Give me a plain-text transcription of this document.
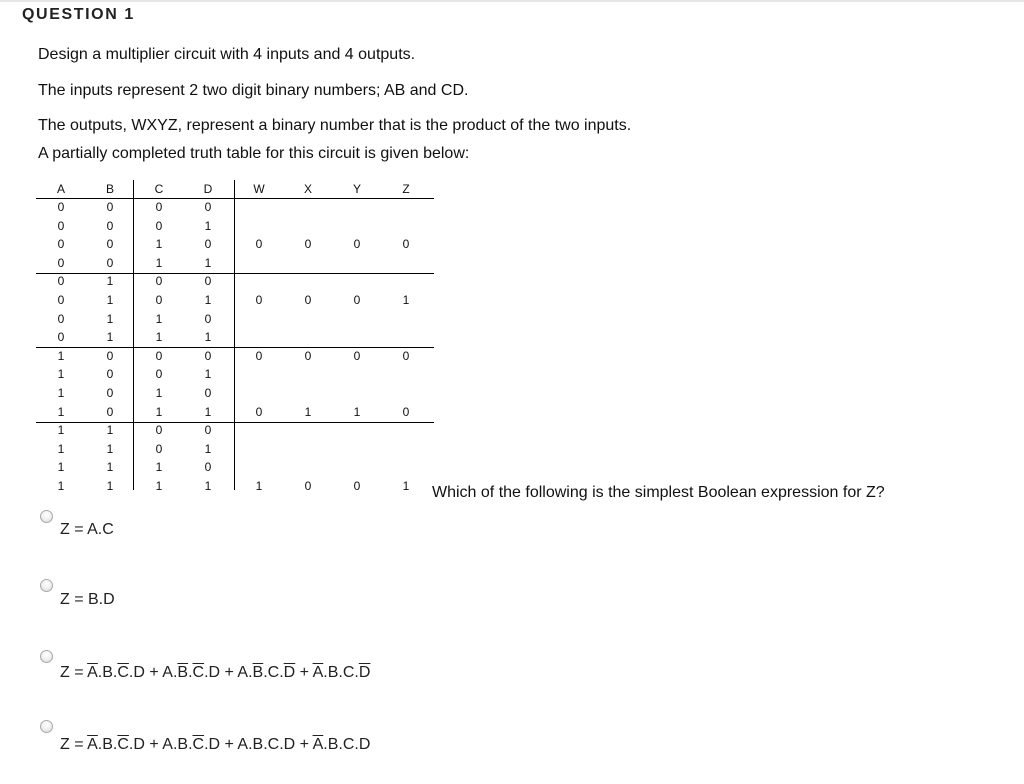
QUESTION 1
Design a multiplier circuit with 4 inputs and 4 outputs.
The inputs represent 2 two digit binary numbers; AB and CD.
The outputs, WXYZ, represent a binary number that is the product of the two inputs.
A partially completed truth table for this circuit is given below:
A	B	C	D	W	X	Y	Z
0	0	0	0
0	0	0	1
0	0	1	0	0	0	0	0
0	0	1	1
0	1	0	0
0	1	0	1	0	0	0	1
0	1	1	0
0	1	1	1
1	0	0	0	0	0	0	0
1	0	0	1
1	0	1	0
1	0	1	1	0	1	1	0
1	1	0	0
1	1	0	1
1	1	1	0
1	1	1	1	1	0	0	1	Which of the following is the simplest Boolean expression for Z?
Z = A.C
Z = B.D
$Z = \overline{A}.B.\overline{C}.D + A.\overline{B}.\overline{C}.D + A.\overline{B}.C.\overline{D} + \overline{A}.B.C.\overline{D}$
$Z = \overline{A}.B.\overline{C}.D + A.B.\overline{C}.D + A.B.C.D + \overline{A}.B.C.D$
